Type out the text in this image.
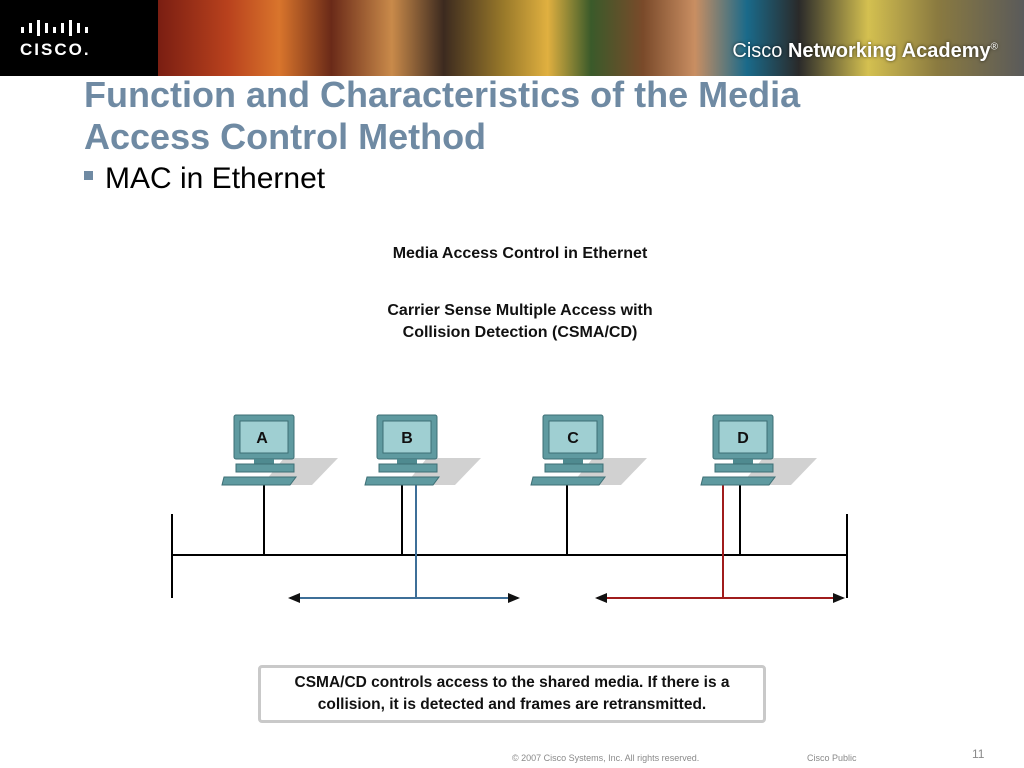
CISCO.	Cisco Networking Academy®
Function and Characteristics of the Media
Access Control Method
MAC in Ethernet
Media Access Control in Ethernet
Carrier Sense Multiple Access with
Collision Detection (CSMA/CD)
A	B	C	D
CSMA/CD controls access to the shared media. If there is a
collision, it is detected and frames are retransmitted.
© 2007 Cisco Systems, Inc. All rights reserved.	Cisco Public	11
